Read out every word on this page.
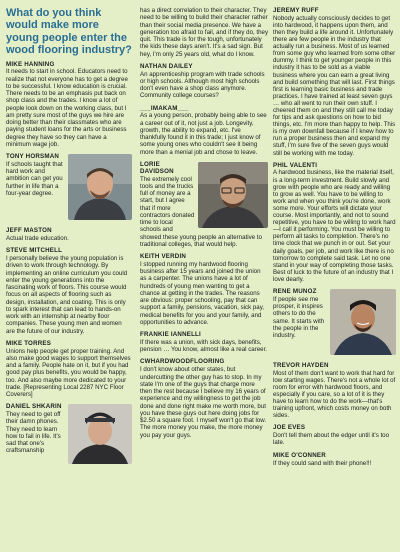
What do you think would make more young people enter the wood flooring industry?
MIKE HANNING

It needs to start in school. Educators need to realize that not everyone has to get a degree to be successful. I know education is crucial. There needs to be an emphasis put back on shop class and the trades. I know a lot of people look down on the working class, but I am pretty sure most of the guys we hire are doing better than their classmates who are paying student loans for the arts or business degree they have so they can have a minimum wage job.

TONY HORSMAN

If schools taught that hard work and ambition can get you further in life than a four-year degree.

JEFF MASTON

Actual trade education.

STEVE MITCHELL

I personally believe the young population is driven to work through technology. By implementing an online curriculum you could enter the young generations into the fascinating work of floors. This course would focus on all aspects of flooring such as design, installation, and coating. This is only to spark interest that can lead to hands-on work with an internship at nearby floor companies. These young men and women are the future of our industry.

MIKE TORRES

Unions help people get proper training. And also make good wages to support themselves and a family. People hate on it, but if you had good pay plus benefits, you would be happy, too. And also maybe more dedicated to your trade. [Representing Local 2287 NYC Floor Coverers]

DANIEL SHKARIN

They need to get off their damn phones. They need to learn how to fail in life. It's sad that one's craftsmanship

has a direct correlation to their character. They need to be willing to build their character rather than their social media presence. We have a generation too afraid to fail, and if they do, they quit. This trade is for the tough, unfortunately the kids these days aren't. It's a sad sign. But hey, I'm only 25 years old, what do I know.

NATHAN DAILEY

An apprenticeship program with trade schools or high schools. Although most high schools don't even have a shop class anymore. Community college courses?

___IMAKAM___

As a young person, probably being able to see a career out of it, not just a job. Longevity, growth, the ability to expand, etc. I've thankfully found it in this trade; I just know of some young ones who couldn't see it being more than a menial job and chose to leave.

LORIE DAVIDSON

The extremely cool tools and the trucks full of money are a start, but I agree that if more contractors donated time to local schools and showed these young people an alternative to traditional colleges, that would help.

KEITH VERDIN

I stopped running my hardwood flooring business after 15 years and joined the union as a carpenter. The unions have a lot of hundreds of young men wanting to get a chance at getting in the trades. The reasons are obvious: proper schooling, pay that can support a family, pensions, vacation, sick pay, medical benefits for you and your family, and opportunities to advance.

FRANKIE IANNELLI

If there was a union, with sick days, benefits, pension … You know, almost like a real career.

CWHARDWOODFLOORING

I don't know about other states, but undercutting the other guy has to stop. In my state I'm one of the guys that charge more then the rest because I believe my 16 years of experience and my willingness to get the job done and done right make me worth more, but you have these guys out here doing jobs for $2.50 a square foot. I myself won't go that low. The more money you make, the more money you pay your guys.

JEREMY RUFF

Nobody actually consciously decides to get into hardwood, it happens upon them, and then they build a life around it. Unfortunately there are few people in the industry that actually run a business. Most of us learned from some guy who learned from some other dummy. I think to get younger people in this industry it has to be sold as a viable business where you can earn a great living and build something that will last. First things first is learning basic business and trade practices. I have trained at least seven guys … who all went to run their own stuff. I cheered them on and they still call me today for tips and ask questions on how to bid things, etc. I'm more than happy to help. This is my own downfall because if I knew how to run a proper business then and expand my stuff, I'm sure five of the seven guys would still be working with me today.

PHIL VALENTI

A hardwood business, like the material itself, is a long-term investment. Build slowly and grow with people who are ready and willing to grow as well. You have to be willing to work and when you think you're done, work some more. Your efforts will dictate your course. Most importantly, and not to sound repetitive, you have to be willing to work hard—I call it performing. You must be willing to perform all tasks to completion. There's no time clock that we punch in or out. Set your daily goals, per job, and work like there is no tomorrow to complete said task. Let no one stand in your way of completing those tasks. Best of luck to the future of an industry that I love dearly.

RENE MUNOZ

If people see me prosper, it inspires others to do the same. It starts with the people in the industry.

TREVOR HAYDEN

Most of them don't want to work that hard for low starting wages. There's not a whole lot of room for error with hardwood floors, and especially if you care, so a lot of it is they have to learn how to do the work—that's training upfront, which costs money on both sides.

JOE EVES

Don't tell them about the edger until it's too late.

MIKE O'CONNER

If they could sand with their phone!!!
